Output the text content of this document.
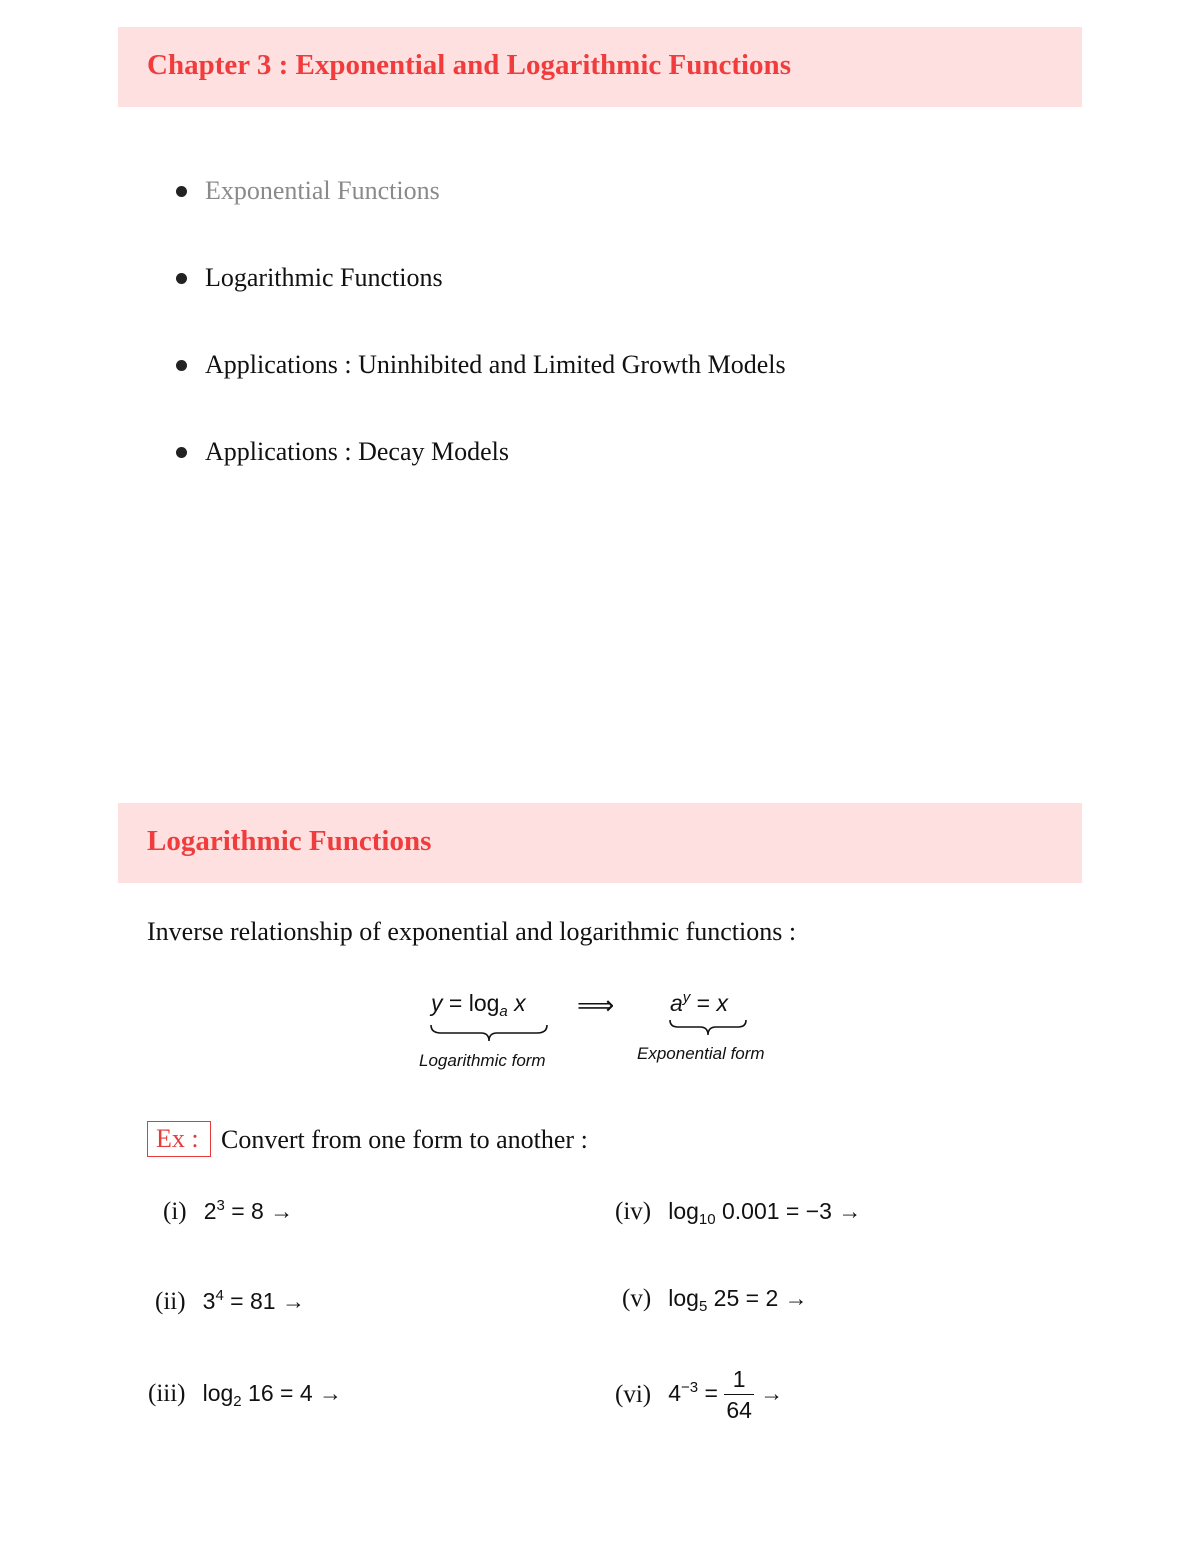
Chapter 3 : Exponential and Logarithmic Functions
Exponential Functions
Logarithmic Functions
Applications : Uninhibited and Limited Growth Models
Applications : Decay Models
Logarithmic Functions
Inverse relationship of exponential and logarithmic functions :
$y = \log_a x$
Logarithmic form
⟹ $a^y = x$
Exponential form
Ex : Convert from one form to another :
(i) $2^3 = 8$ →
(ii) $3^4 = 81$ →
(iii) $\log_2 16 = 4$ →
(iv) $\log_{10} 0.001 = -3$ →
(v) $\log_5 25 = 2$ →
(vi) $4^{-3} = \frac{1}{64}$ →
